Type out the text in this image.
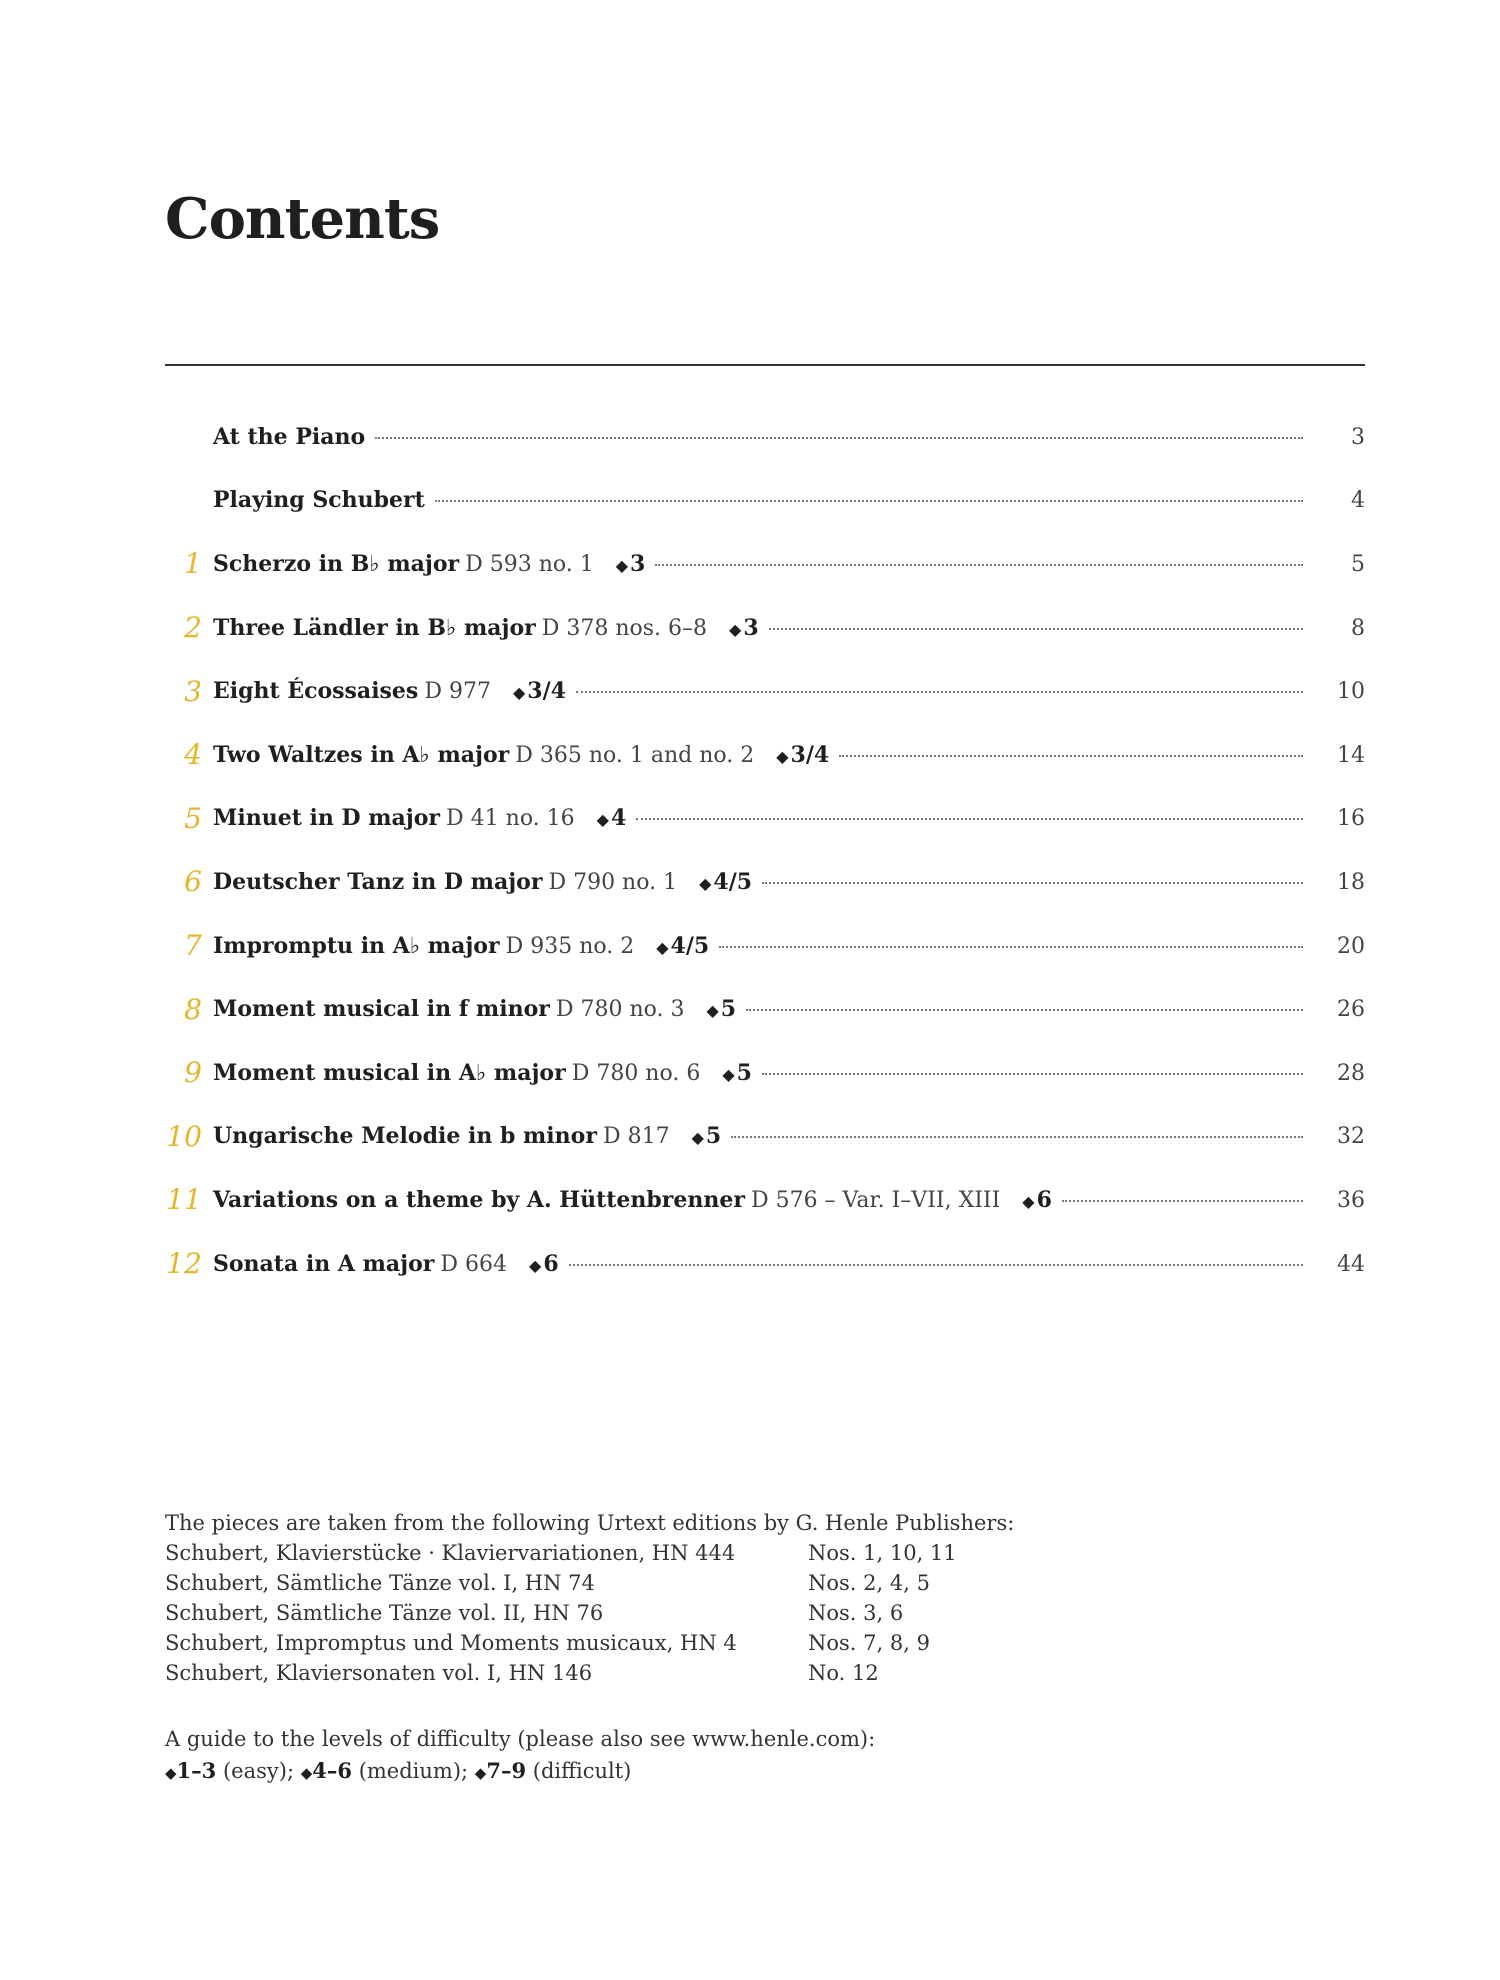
Contents
At the Piano	3
Playing Schubert	4
1 Scherzo in B♭ major D 593 no. 1 ◆3	5
2 Three Ländler in B♭ major D 378 nos. 6–8 ◆3	8
3 Eight Écossaises D 977 ◆3/4	10
4 Two Waltzes in A♭ major D 365 no. 1 and no. 2 ◆3/4	14
5 Minuet in D major D 41 no. 16 ◆4	16
6 Deutscher Tanz in D major D 790 no. 1 ◆4/5	18
7 Impromptu in A♭ major D 935 no. 2 ◆4/5	20
8 Moment musical in f minor D 780 no. 3 ◆5	26
9 Moment musical in A♭ major D 780 no. 6 ◆5	28
10 Ungarische Melodie in b minor D 817 ◆5	32
11 Variations on a theme by A. Hüttenbrenner D 576 – Var. I–VII, XIII ◆6	36
12 Sonata in A major D 664 ◆6	44
The pieces are taken from the following Urtext editions by G. Henle Publishers:
Schubert, Klavierstücke · Klaviervariationen, HN 444	Nos. 1, 10, 11
Schubert, Sämtliche Tänze vol. I, HN 74	Nos. 2, 4, 5
Schubert, Sämtliche Tänze vol. II, HN 76	Nos. 3, 6
Schubert, Impromptus und Moments musicaux, HN 4	Nos. 7, 8, 9
Schubert, Klaviersonaten vol. I, HN 146	No. 12
A guide to the levels of difficulty (please also see www.henle.com):
◆1–3 (easy); ◆4–6 (medium); ◆7–9 (difficult)
